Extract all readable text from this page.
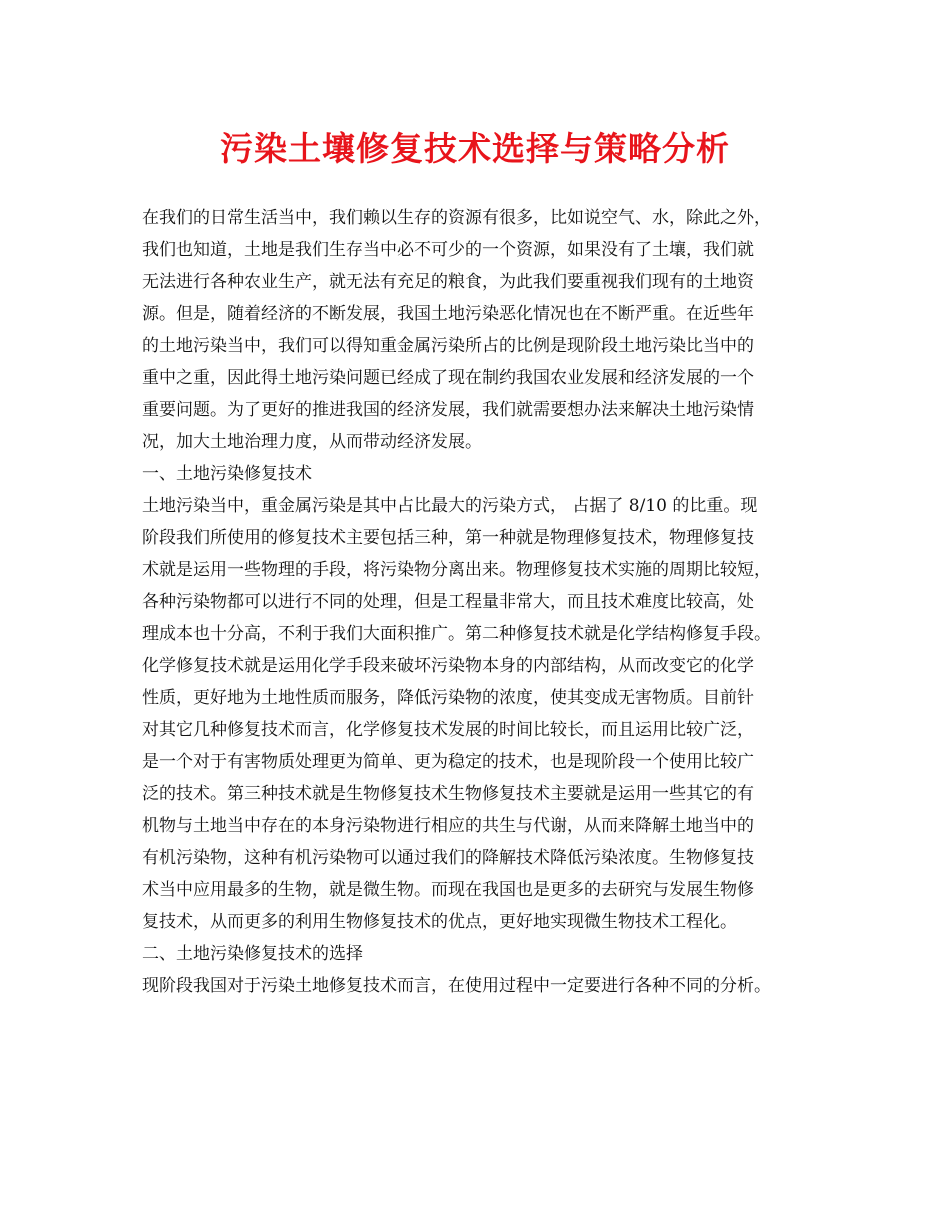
污染土壤修复技术选择与策略分析

在我们的日常生活当中，我们赖以生存的资源有很多，比如说空气、水，除此之外，

我们也知道，土地是我们生存当中必不可少的一个资源，如果没有了土壤，我们就

无法进行各种农业生产，就无法有充足的粮食，为此我们要重视我们现有的土地资

源。但是，随着经济的不断发展，我国土地污染恶化情况也在不断严重。在近些年

的土地污染当中，我们可以得知重金属污染所占的比例是现阶段土地污染比当中的

重中之重，因此得土地污染问题已经成了现在制约我国农业发展和经济发展的一个

重要问题。为了更好的推进我国的经济发展，我们就需要想办法来解决土地污染情

况，加大土地治理力度，从而带动经济发展。

一、土地污染修复技术

土地污染当中，重金属污染是其中占比最大的污染方式， 占据了 8/10 的比重。现

阶段我们所使用的修复技术主要包括三种，第一种就是物理修复技术，物理修复技

术就是运用一些物理的手段，将污染物分离出来。物理修复技术实施的周期比较短，

各种污染物都可以进行不同的处理，但是工程量非常大，而且技术难度比较高，处

理成本也十分高，不利于我们大面积推广。第二种修复技术就是化学结构修复手段。

化学修复技术就是运用化学手段来破坏污染物本身的内部结构，从而改变它的化学

性质，更好地为土地性质而服务，降低污染物的浓度，使其变成无害物质。目前针

对其它几种修复技术而言，化学修复技术发展的时间比较长，而且运用比较广泛，

是一个对于有害物质处理更为简单、更为稳定的技术，也是现阶段一个使用比较广

泛的技术。第三种技术就是生物修复技术生物修复技术主要就是运用一些其它的有

机物与土地当中存在的本身污染物进行相应的共生与代谢，从而来降解土地当中的

有机污染物，这种有机污染物可以通过我们的降解技术降低污染浓度。生物修复技

术当中应用最多的生物，就是微生物。而现在我国也是更多的去研究与发展生物修

复技术，从而更多的利用生物修复技术的优点，更好地实现微生物技术工程化。

二、土地污染修复技术的选择

现阶段我国对于污染土地修复技术而言，在使用过程中一定要进行各种不同的分析。
